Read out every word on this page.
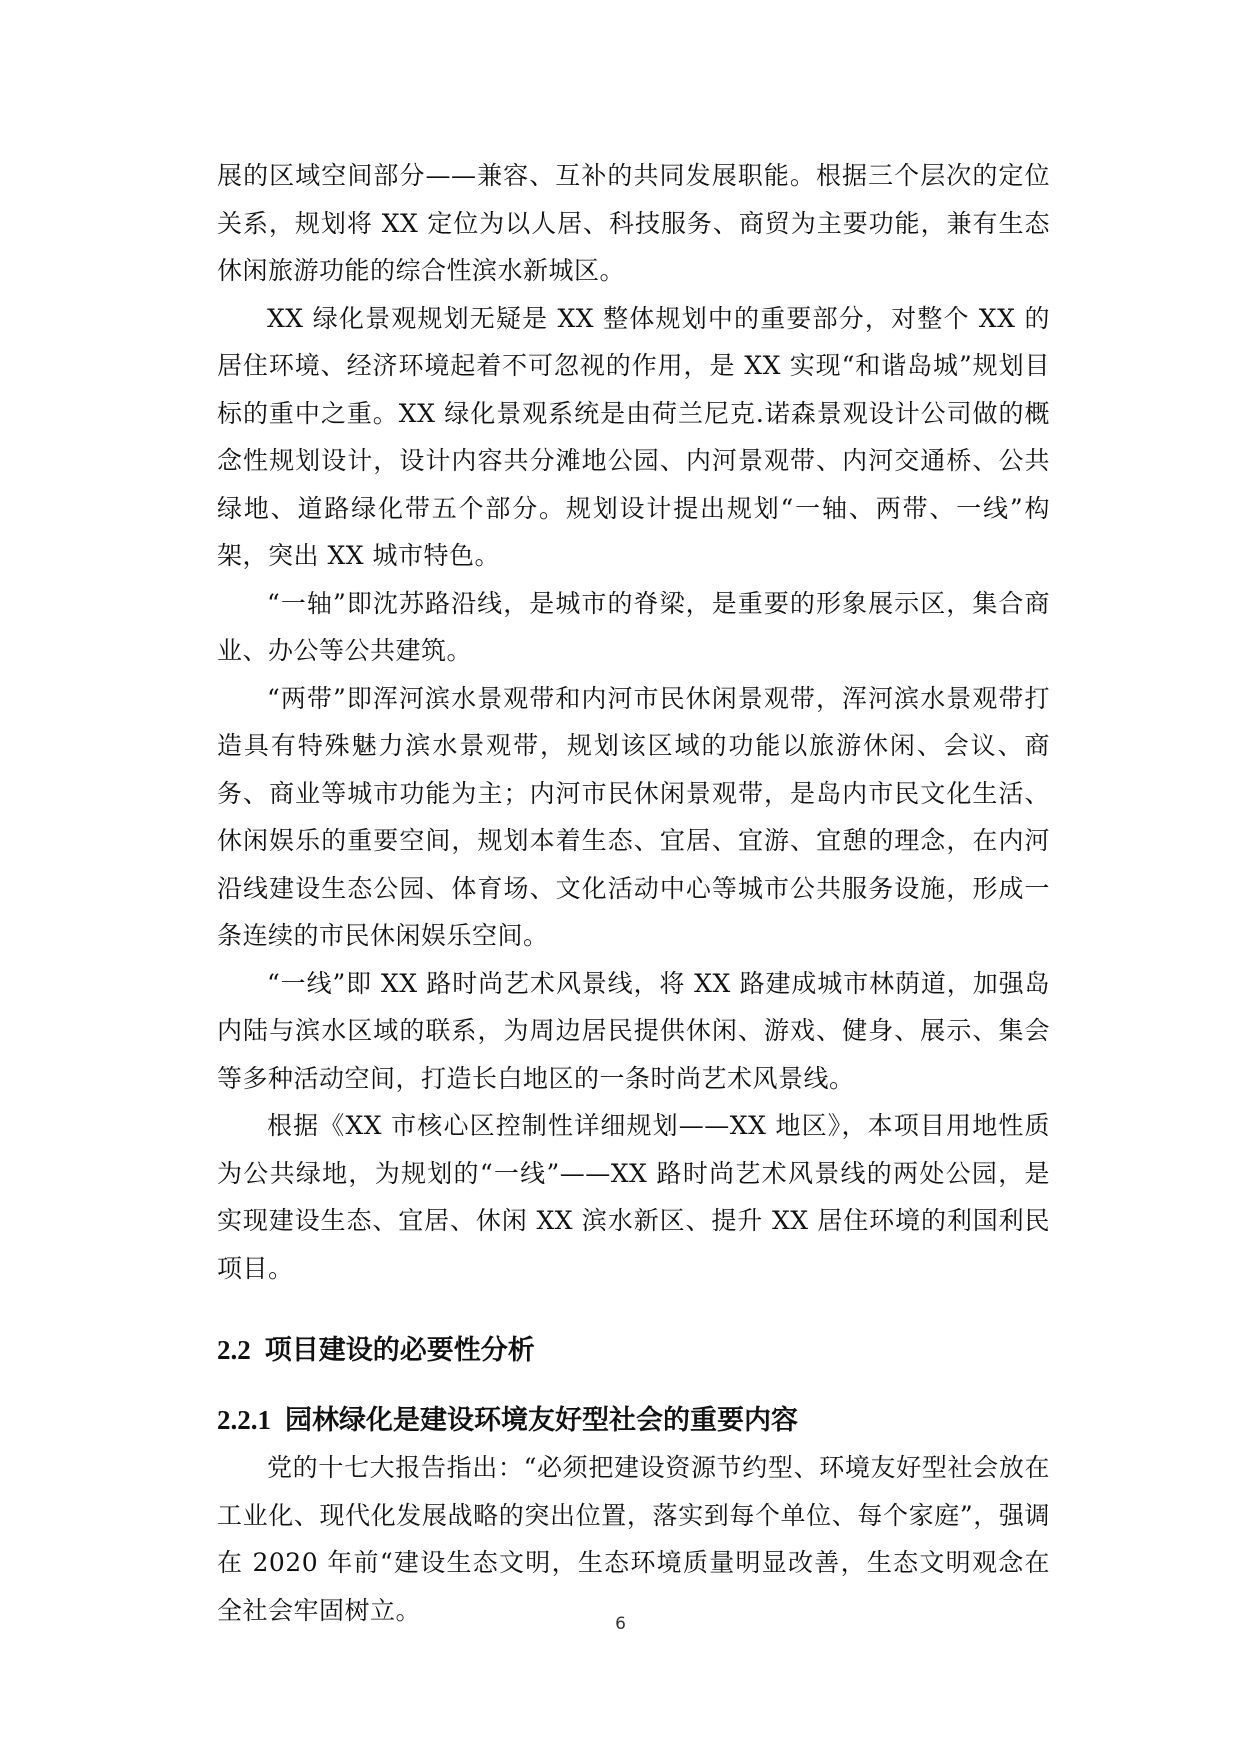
展的区域空间部分——兼容、互补的共同发展职能。根据三个层次的定位关系，规划将 XX 定位为以人居、科技服务、商贸为主要功能，兼有生态休闲旅游功能的综合性滨水新城区。

XX 绿化景观规划无疑是 XX 整体规划中的重要部分，对整个 XX 的居住环境、经济环境起着不可忽视的作用，是 XX 实现“和谐岛城”规划目标的重中之重。XX 绿化景观系统是由荷兰尼克.诺森景观设计公司做的概念性规划设计，设计内容共分滩地公园、内河景观带、内河交通桥、公共绿地、道路绿化带五个部分。规划设计提出规划“一轴、两带、一线”构架，突出 XX 城市特色。

“一轴”即沈苏路沿线，是城市的脊梁，是重要的形象展示区，集合商业、办公等公共建筑。

“两带”即浑河滨水景观带和内河市民休闲景观带，浑河滨水景观带打造具有特殊魅力滨水景观带，规划该区域的功能以旅游休闲、会议、商务、商业等城市功能为主；内河市民休闲景观带，是岛内市民文化生活、休闲娱乐的重要空间，规划本着生态、宜居、宜游、宜憩的理念，在内河沿线建设生态公园、体育场、文化活动中心等城市公共服务设施，形成一条连续的市民休闲娱乐空间。

“一线”即 XX 路时尚艺术风景线，将 XX 路建成城市林荫道，加强岛内陆与滨水区域的联系，为周边居民提供休闲、游戏、健身、展示、集会等多种活动空间，打造长白地区的一条时尚艺术风景线。

根据《XX 市核心区控制性详细规划——XX 地区》，本项目用地性质为公共绿地，为规划的“一线”——XX 路时尚艺术风景线的两处公园，是实现建设生态、宜居、休闲 XX 滨水新区、提升 XX 居住环境的利国利民项目。

2.2 项目建设的必要性分析
2.2.1 园林绿化是建设环境友好型社会的重要内容

党的十七大报告指出：“必须把建设资源节约型、环境友好型社会放在工业化、现代化发展战略的突出位置，落实到每个单位、每个家庭”，强调在 2020 年前“建设生态文明，生态环境质量明显改善，生态文明观念在全社会牢固树立。	6
